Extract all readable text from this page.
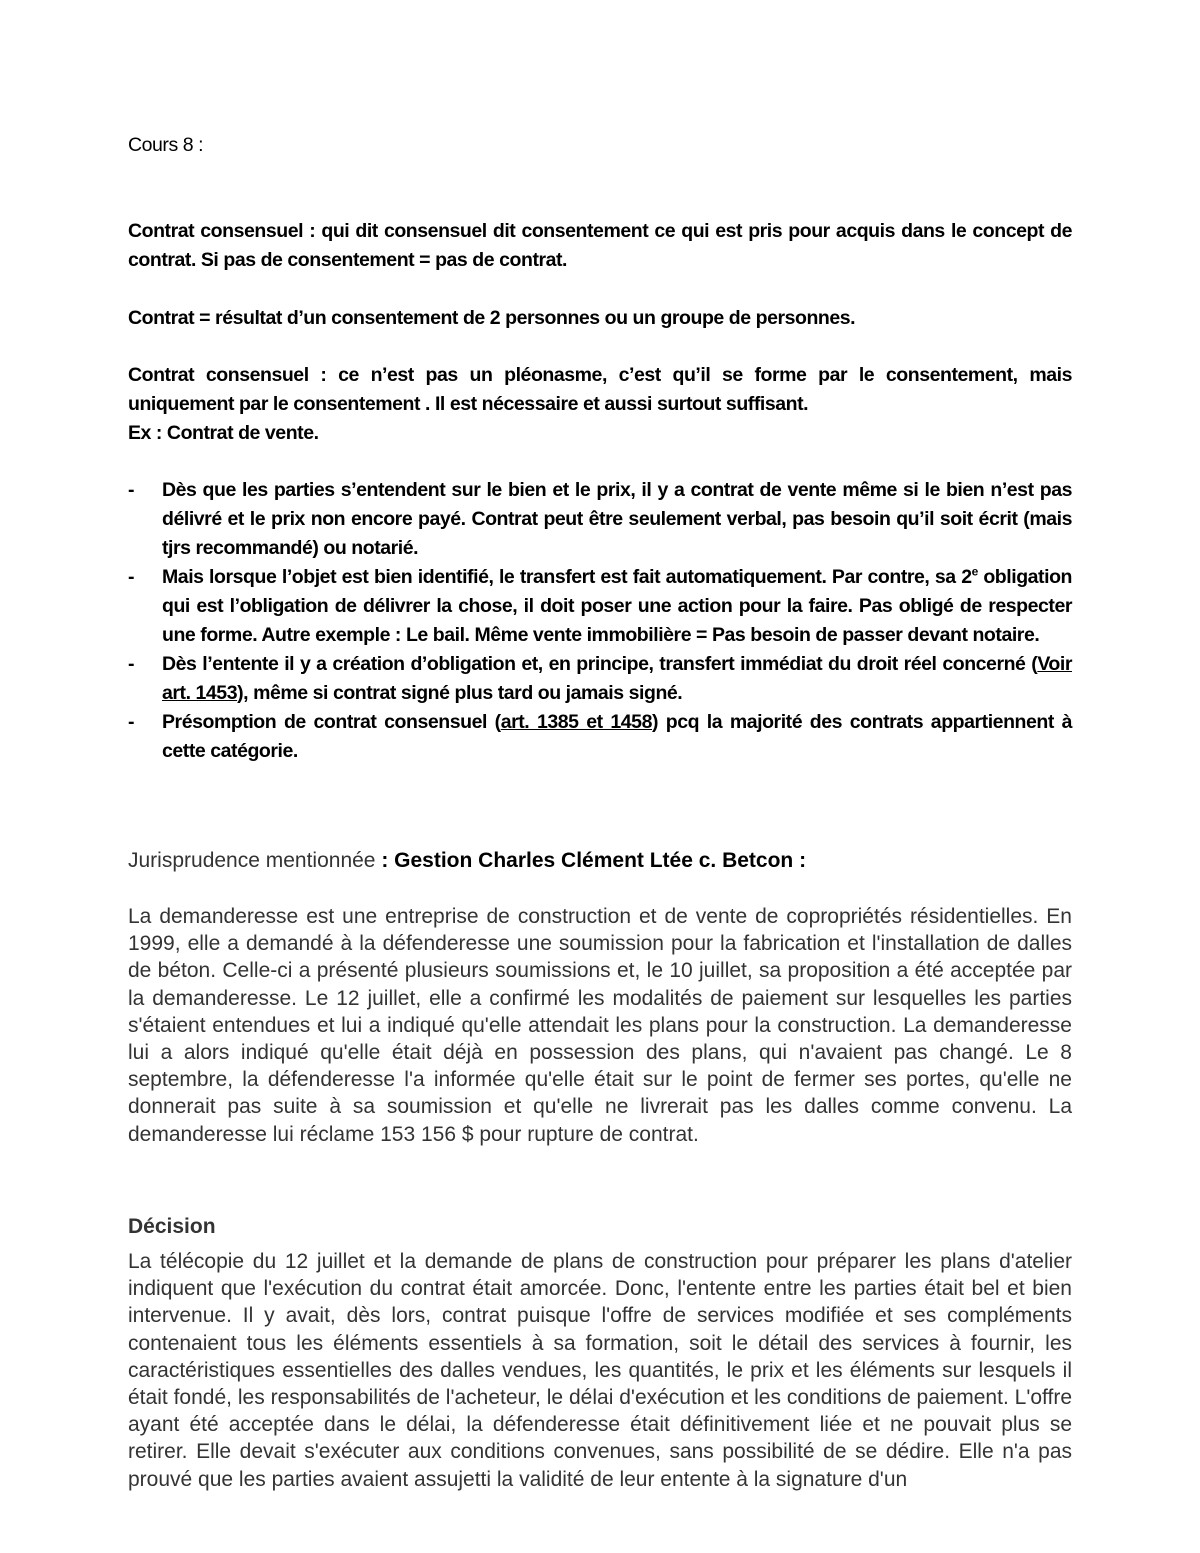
Cours 8 :

Contrat consensuel : qui dit consensuel dit consentement ce qui est pris pour acquis dans le concept de contrat. Si pas de consentement = pas de contrat.

Contrat = résultat d’un consentement de 2 personnes ou un groupe de personnes.

Contrat consensuel : ce n’est pas un pléonasme, c’est qu’il se forme par le consentement, mais uniquement par le consentement . Il est nécessaire et aussi surtout suffisant.

Ex : Contrat de vente.

- Dès que les parties s’entendent sur le bien et le prix, il y a contrat de vente même si le bien n’est pas délivré et le prix non encore payé. Contrat peut être seulement verbal, pas besoin qu’il soit écrit (mais tjrs recommandé) ou notarié.
- Mais lorsque l’objet est bien identifié, le transfert est fait automatiquement. Par contre, sa 2e obligation qui est l’obligation de délivrer la chose, il doit poser une action pour la faire. Pas obligé de respecter une forme. Autre exemple : Le bail. Même vente immobilière = Pas besoin de passer devant notaire.
- Dès l’entente il y a création d’obligation et, en principe, transfert immédiat du droit réel concerné (Voir art. 1453), même si contrat signé plus tard ou jamais signé.
- Présomption de contrat consensuel (art. 1385 et 1458) pcq la majorité des contrats appartiennent à cette catégorie.

Jurisprudence mentionnée : Gestion Charles Clément Ltée c. Betcon :

La demanderesse est une entreprise de construction et de vente de copropriétés résidentielles. En 1999, elle a demandé à la défenderesse une soumission pour la fabrication et l'installation de dalles de béton. Celle-ci a présenté plusieurs soumissions et, le 10 juillet, sa proposition a été acceptée par la demanderesse. Le 12 juillet, elle a confirmé les modalités de paiement sur lesquelles les parties s'étaient entendues et lui a indiqué qu'elle attendait les plans pour la construction. La demanderesse lui a alors indiqué qu'elle était déjà en possession des plans, qui n'avaient pas changé. Le 8 septembre, la défenderesse l'a informée qu'elle était sur le point de fermer ses portes, qu'elle ne donnerait pas suite à sa soumission et qu'elle ne livrerait pas les dalles comme convenu. La demanderesse lui réclame 153 156 $ pour rupture de contrat.

Décision

La télécopie du 12 juillet et la demande de plans de construction pour préparer les plans d'atelier indiquent que l'exécution du contrat était amorcée. Donc, l'entente entre les parties était bel et bien intervenue. Il y avait, dès lors, contrat puisque l'offre de services modifiée et ses compléments contenaient tous les éléments essentiels à sa formation, soit le détail des services à fournir, les caractéristiques essentielles des dalles vendues, les quantités, le prix et les éléments sur lesquels il était fondé, les responsabilités de l'acheteur, le délai d'exécution et les conditions de paiement. L'offre ayant été acceptée dans le délai, la défenderesse était définitivement liée et ne pouvait plus se retirer. Elle devait s'exécuter aux conditions convenues, sans possibilité de se dédire. Elle n'a pas prouvé que les parties avaient assujetti la validité de leur entente à la signature d'un
